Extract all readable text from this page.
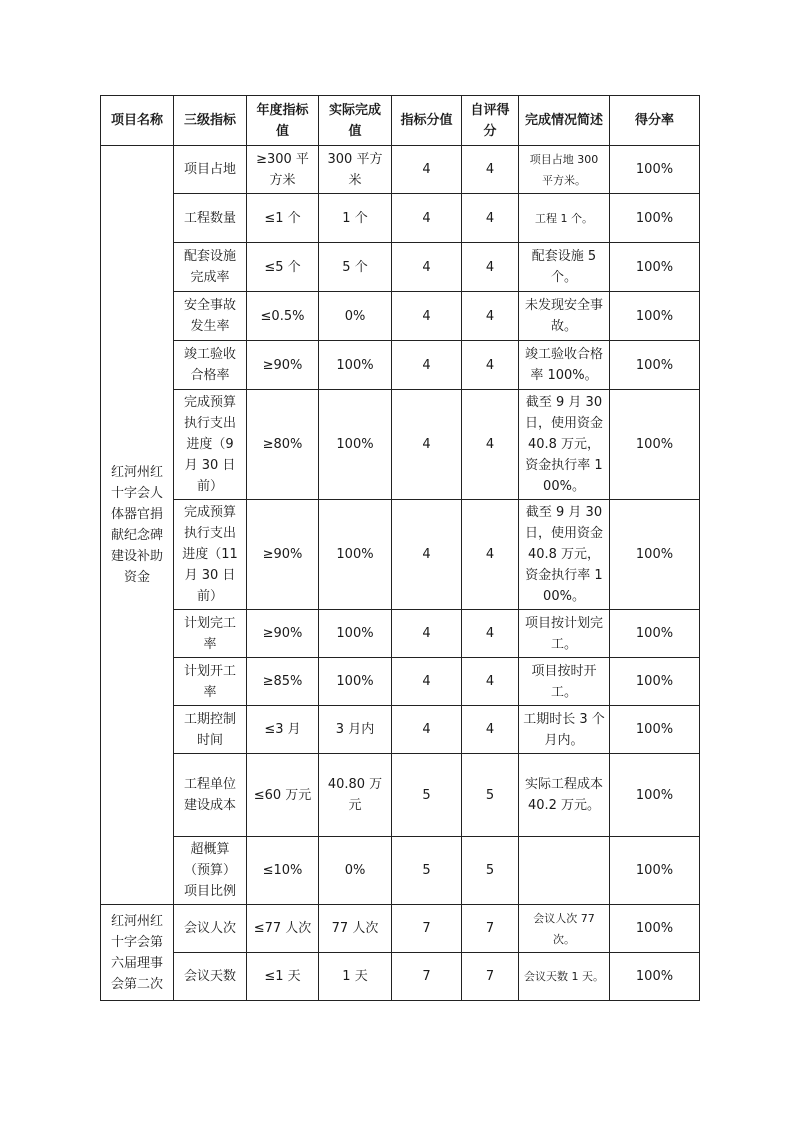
项目名称	三级指标	年度指标值	实际完成值	指标分值	自评得分	完成情况简述	得分率
红河州红十字会人体器官捐献纪念碑建设补助资金	项目占地	≥300 平方米	300 平方米	4	4	项目占地 300 平方米。	100%
	工程数量	≤1 个	1 个	4	4	工程 1 个。	100%
	配套设施完成率	≤5 个	5 个	4	4	配套设施 5 个。	100%
	安全事故发生率	≤0.5%	0%	4	4	未发现安全事故。	100%
	竣工验收合格率	≥90%	100%	4	4	竣工验收合格率 100%。	100%
	完成预算执行支出进度（9 月 30 日前）	≥80%	100%	4	4	截至 9 月 30 日，使用资金 40.8 万元，资金执行率 100%。	100%
	完成预算执行支出进度（11 月 30 日前）	≥90%	100%	4	4	截至 9 月 30 日，使用资金 40.8 万元，资金执行率 100%。	100%
	计划完工率	≥90%	100%	4	4	项目按计划完工。	100%
	计划开工率	≥85%	100%	4	4	项目按时开工。	100%
	工期控制时间	≤3 月	3 月内	4	4	工期时长 3 个月内。	100%
	工程单位建设成本	≤60 万元	40.80 万元	5	5	实际工程成本 40.2 万元。	100%
	超概算（预算）项目比例	≤10%	0%	5	5		100%
红河州红十字会第六届理事会第二次	会议人次	≤77 人次	77 人次	7	7	会议人次 77 次。	100%
	会议天数	≤1 天	1 天	7	7	会议天数 1 天。	100%
